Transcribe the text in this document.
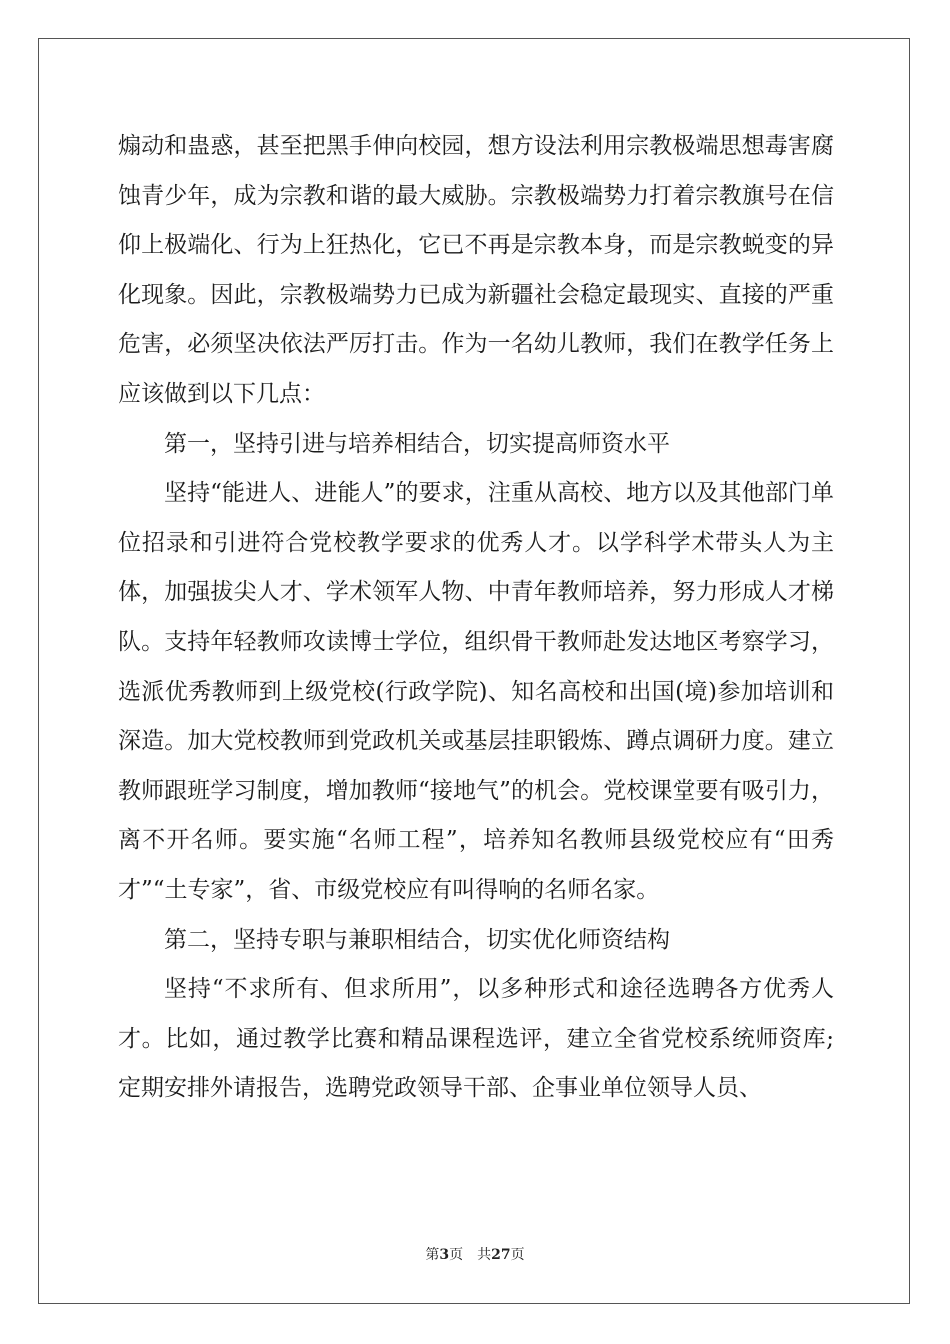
煽动和蛊惑，甚至把黑手伸向校园，想方设法利用宗教极端思想毒害腐蚀青少年，成为宗教和谐的最大威胁。宗教极端势力打着宗教旗号在信仰上极端化、行为上狂热化，它已不再是宗教本身，而是宗教蜕变的异化现象。因此，宗教极端势力已成为新疆社会稳定最现实、直接的严重危害，必须坚决依法严厉打击。作为一名幼儿教师，我们在教学任务上应该做到以下几点：

第一，坚持引进与培养相结合，切实提高师资水平

坚持“能进人、进能人”的要求，注重从高校、地方以及其他部门单位招录和引进符合党校教学要求的优秀人才。以学科学术带头人为主体，加强拔尖人才、学术领军人物、中青年教师培养，努力形成人才梯队。支持年轻教师攻读博士学位，组织骨干教师赴发达地区考察学习，选派优秀教师到上级党校(行政学院)、知名高校和出国(境)参加培训和深造。加大党校教师到党政机关或基层挂职锻炼、蹲点调研力度。建立教师跟班学习制度，增加教师“接地气”的机会。党校课堂要有吸引力，离不开名师。要实施“名师工程”，培养知名教师县级党校应有“田秀才”“土专家”，省、市级党校应有叫得响的名师名家。

第二，坚持专职与兼职相结合，切实优化师资结构

坚持“不求所有、但求所用”，以多种形式和途径选聘各方优秀人才。比如，通过教学比赛和精品课程选评，建立全省党校系统师资库;定期安排外请报告，选聘党政领导干部、企事业单位领导人员、

第3页　 共27页
